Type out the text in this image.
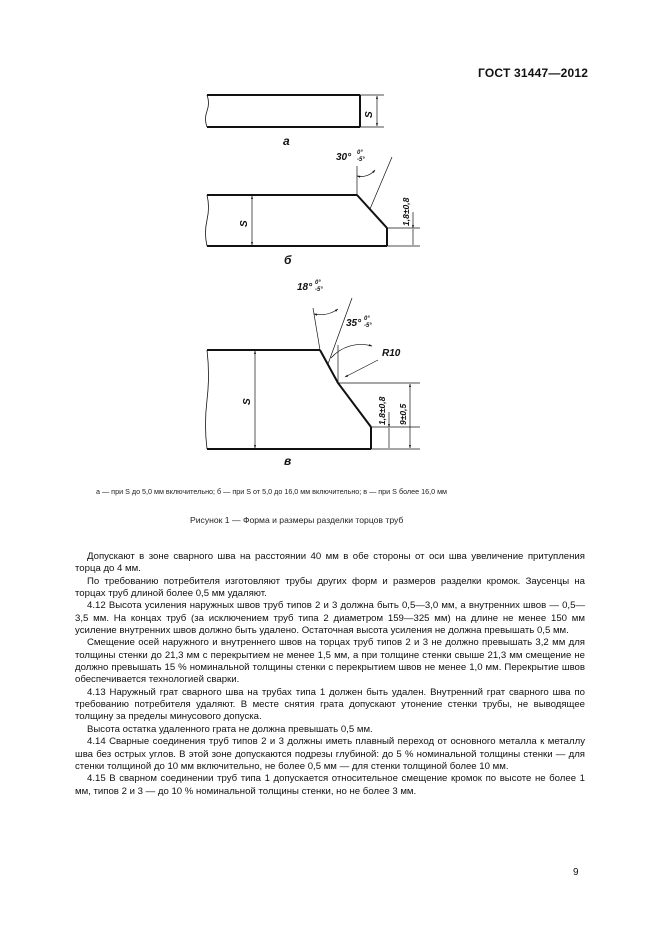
ГОСТ 31447—2012
а
S
б
S
30° 0°
-5°
1,8±0,8
в
S
18° 0°
-5°
35° 0°
-5°
R10
1,8±0,8 9±0,5
а — при S до 5,0 мм включительно; б — при S от 5,0 до 16,0 мм включительно; в — при S более 16,0 мм
Рисунок 1 — Форма и размеры разделки торцов труб

Допускают в зоне сварного шва на расстоянии 40 мм в обе стороны от оси шва увеличение притупления торца до 4 мм.

По требованию потребителя изготовляют трубы других форм и размеров разделки кромок. Заусенцы на торцах труб длиной более 0,5 мм удаляют.

4.12 Высота усиления наружных швов труб типов 2 и 3 должна быть 0,5—3,0 мм, а внутренних швов — 0,5—3,5 мм. На концах труб (за исключением труб типа 2 диаметром 159—325 мм) на длине не менее 150 мм усиление внутренних швов должно быть удалено. Остаточная высота усиления не должна превышать 0,5 мм.

Смещение осей наружного и внутреннего швов на торцах труб типов 2 и 3 не должно превышать 3,2 мм для толщины стенки до 21,3 мм с перекрытием не менее 1,5 мм, а при толщине стенки свыше 21,3 мм смещение не должно превышать 15 % номинальной толщины стенки с перекрытием швов не менее 1,0 мм. Перекрытие швов обеспечивается технологией сварки.

4.13 Наружный грат сварного шва на трубах типа 1 должен быть удален. Внутренний грат сварного шва по требованию потребителя удаляют. В месте снятия грата допускают утонение стенки трубы, не выводящее толщину за пределы минусового допуска.

Высота остатка удаленного грата не должна превышать 0,5 мм.

4.14 Сварные соединения труб типов 2 и 3 должны иметь плавный переход от основного металла к металлу шва без острых углов. В этой зоне допускаются подрезы глубиной: до 5 % номинальной толщины стенки — для стенки толщиной до 10 мм включительно, не более 0,5 мм — для стенки толщиной более 10 мм.

4.15 В сварном соединении труб типа 1 допускается относительное смещение кромок по высоте не более 1 мм, типов 2 и 3 — до 10 % номинальной толщины стенки, но не более 3 мм.

9
